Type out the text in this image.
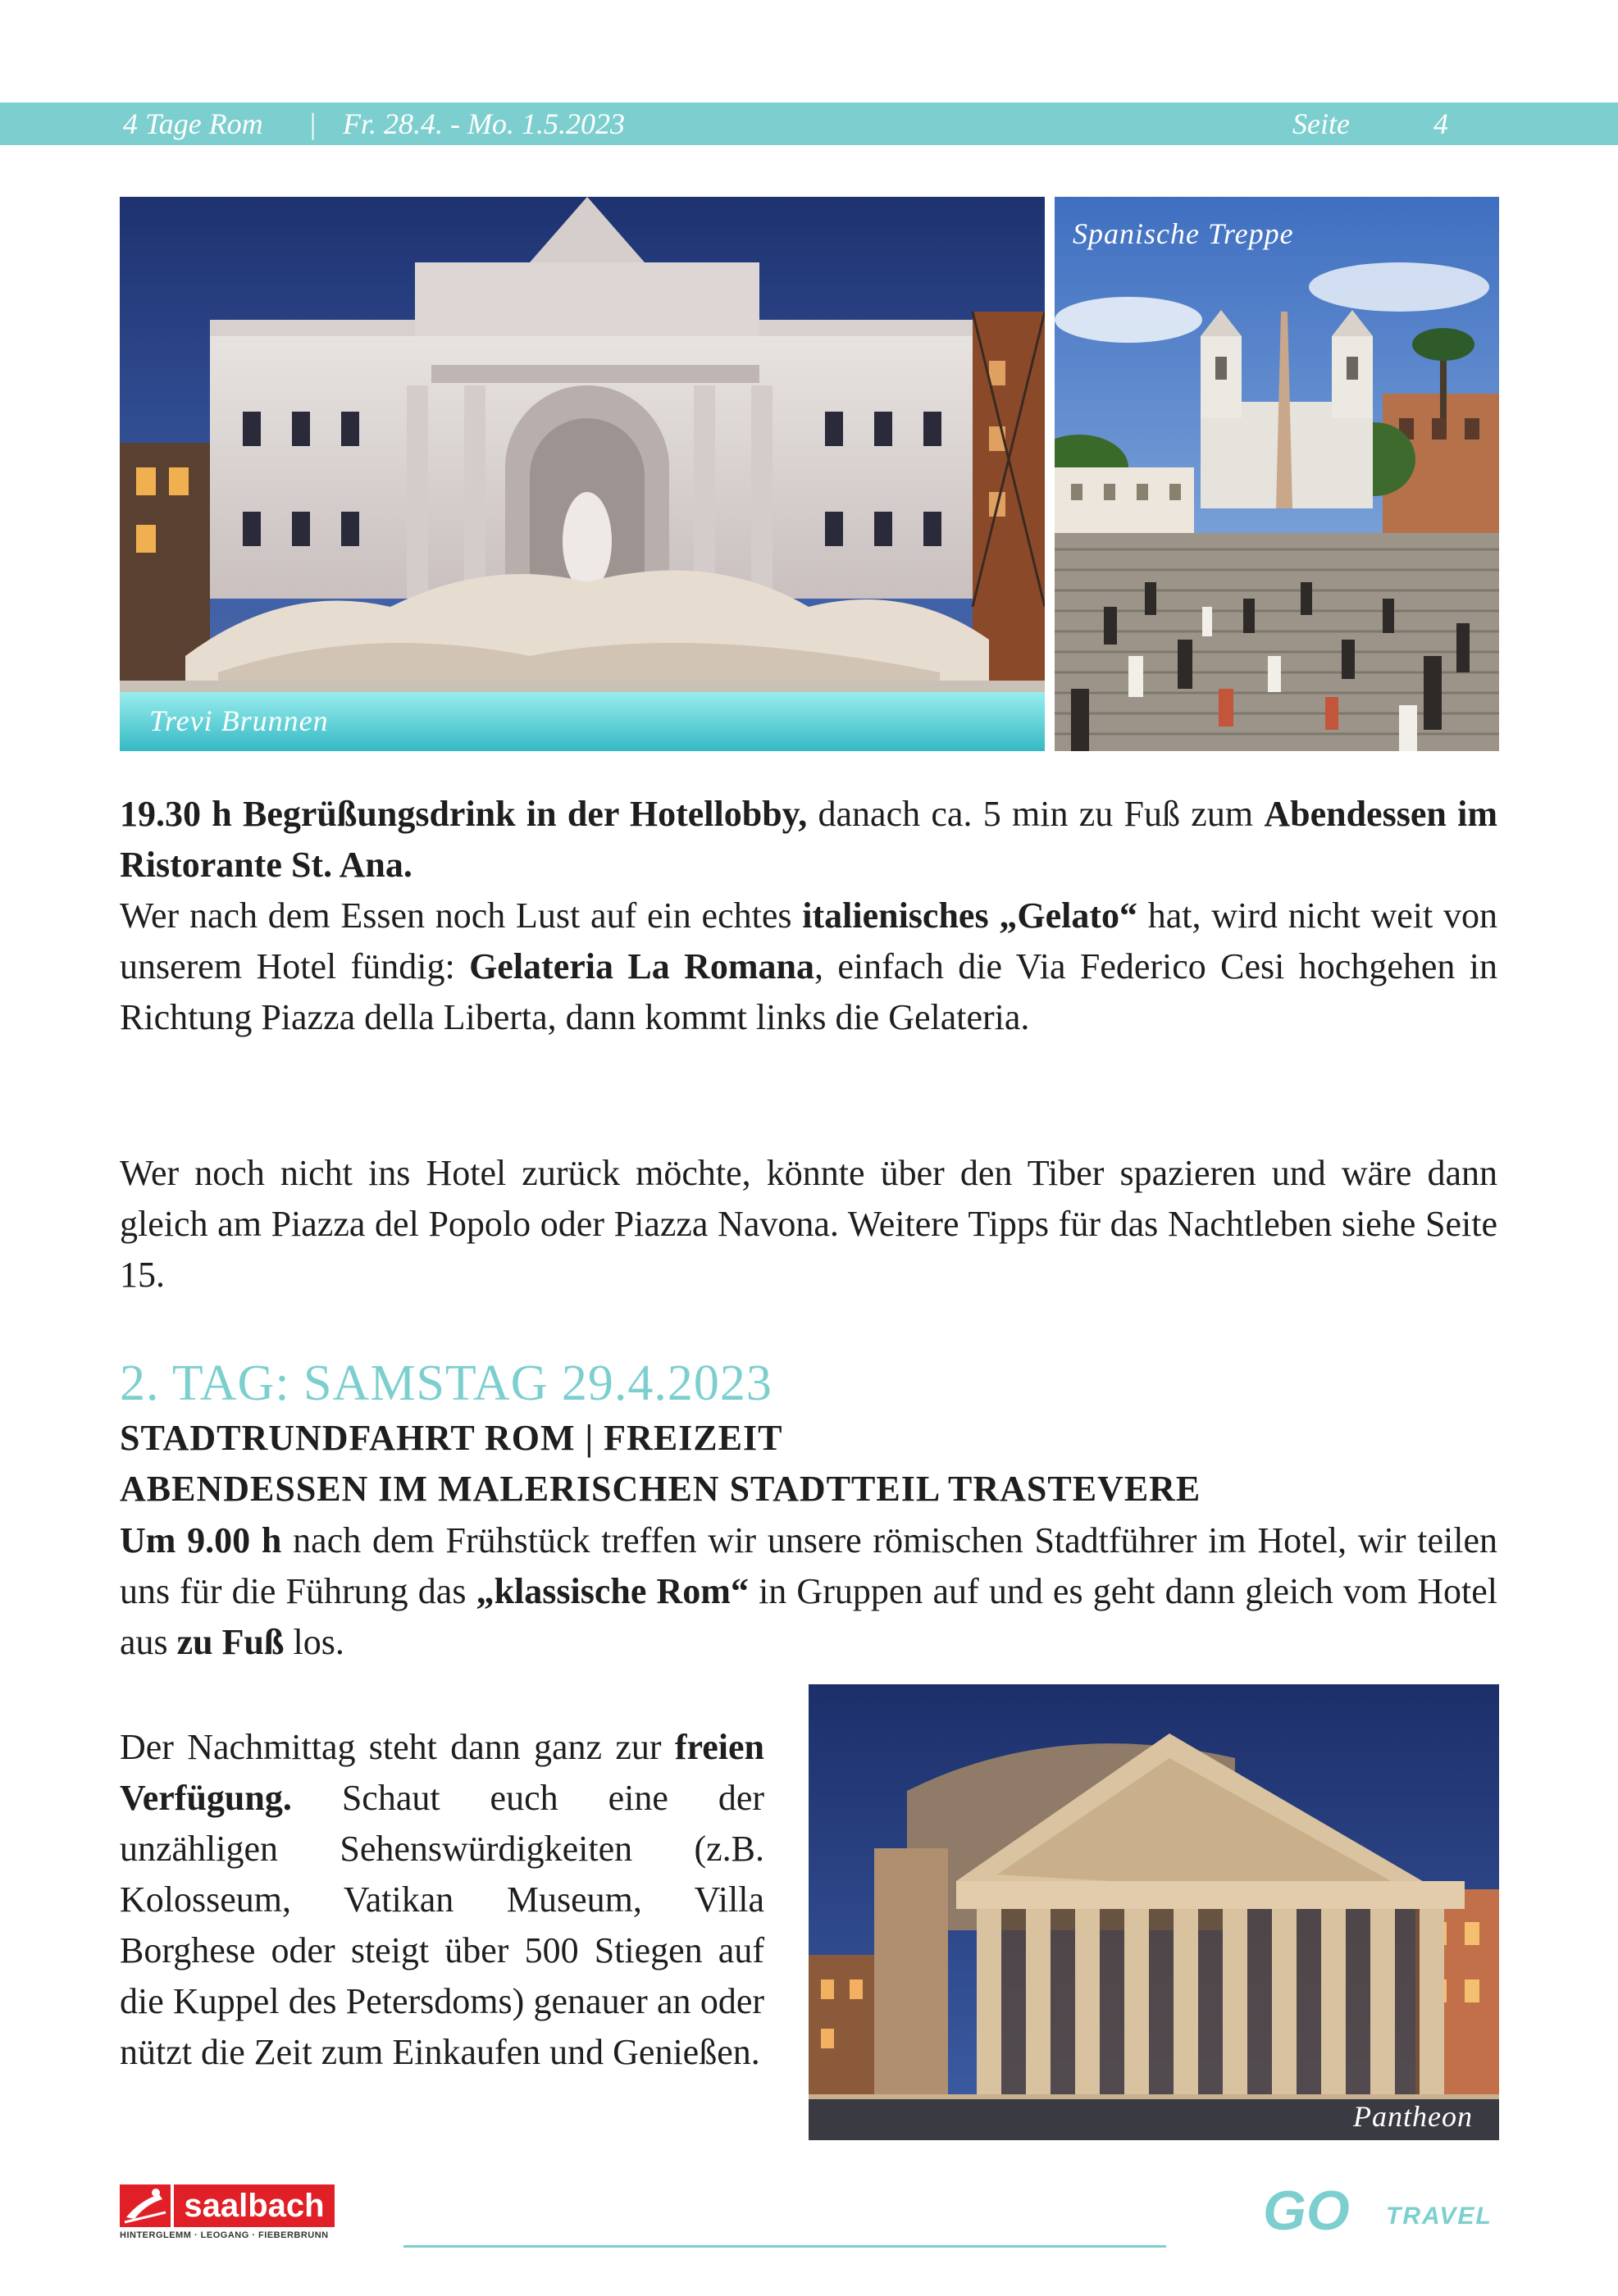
4 Tage Rom | Fr. 28.4. - Mo. 1.5.2023	Seite	4
Trevi Brunnen
Spanische Treppe

19.30 h Begrüßungsdrink in der Hotellobby, danach ca. 5 min zu Fuß zum Abendessen im Ristorante St. Ana.
Wer nach dem Essen noch Lust auf ein echtes italienisches „Gelato“ hat, wird nicht weit von unserem Hotel fündig: Gelateria La Romana, einfach die Via Federico Cesi hochgehen in Richtung Piazza della Liberta, dann kommt links die Gelateria.

Wer noch nicht ins Hotel zurück möchte, könnte über den Tiber spazieren und wäre dann gleich am Piazza del Popolo oder Piazza Navona. Weitere Tipps für das Nachtleben siehe Seite 15.

2. TAG: SAMSTAG 29.4.2023
STADTRUNDFAHRT ROM | FREIZEIT
ABENDESSEN IM MALERISCHEN STADTTEIL TRASTEVERE

Um 9.00 h nach dem Frühstück treffen wir unsere römischen Stadtführer im Hotel, wir teilen uns für die Führung das „klassische Rom“ in Gruppen auf und es geht dann gleich vom Hotel aus zu Fuß los.

Der Nachmittag steht dann ganz zur freien Verfügung. Schaut euch eine der unzähligen Sehenswürdigkeiten (z.B. Kolosseum, Vatikan Museum, Villa Borghese oder steigt über 500 Stiegen auf die Kuppel des Petersdoms) genauer an oder nützt die Zeit zum Einkaufen und Genießen.

Pantheon
saalbach
HINTERGLEMM · LEOGANG · FIEBERBRUNN	GO TRAVEL
